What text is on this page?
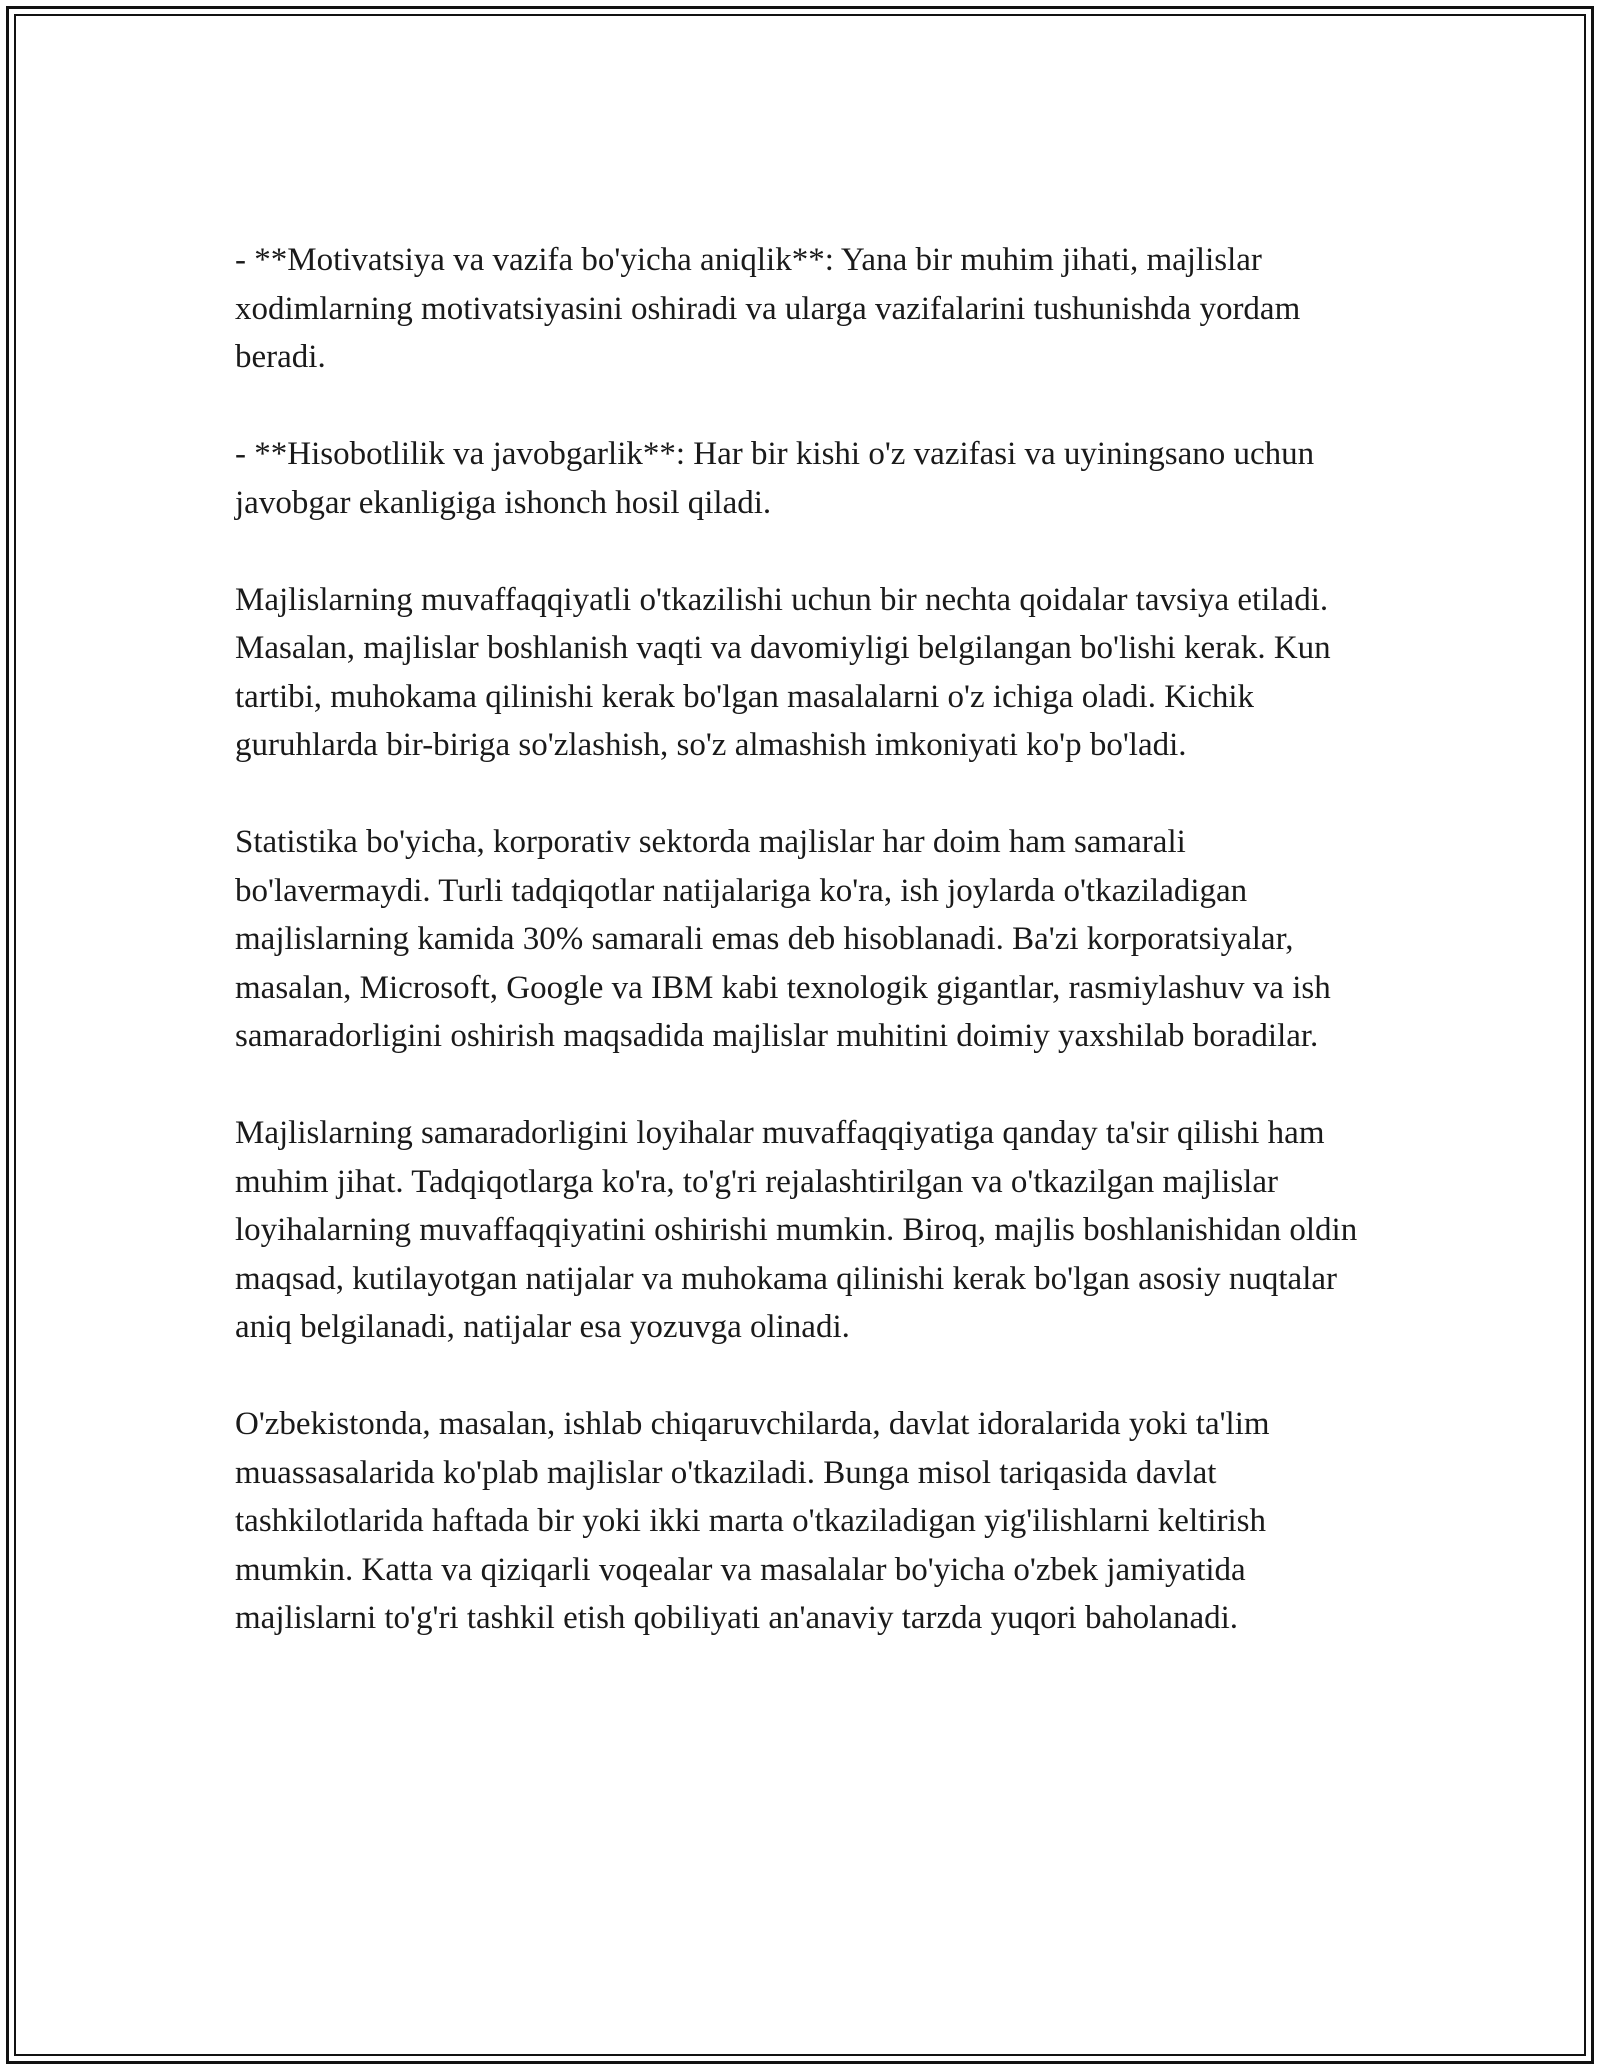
- **Motivatsiya va vazifa bo'yicha aniqlik**: Yana bir muhim jihati, majlislar xodimlarning motivatsiyasini oshiradi va ularga vazifalarini tushunishda yordam beradi.

- **Hisobotlilik va javobgarlik**: Har bir kishi o'z vazifasi va uyiningsano uchun javobgar ekanligiga ishonch hosil qiladi.

Majlislarning muvaffaqqiyatli o'tkazilishi uchun bir nechta qoidalar tavsiya etiladi. Masalan, majlislar boshlanish vaqti va davomiyligi belgilangan bo'lishi kerak. Kun tartibi, muhokama qilinishi kerak bo'lgan masalalarni o'z ichiga oladi. Kichik guruhlarda bir-biriga so'zlashish, so'z almashish imkoniyati ko'p bo'ladi.

Statistika bo'yicha, korporativ sektorda majlislar har doim ham samarali bo'lavermaydi. Turli tadqiqotlar natijalariga ko'ra, ish joylarda o'tkaziladigan majlislarning kamida 30% samarali emas deb hisoblanadi. Ba'zi korporatsiyalar, masalan, Microsoft, Google va IBM kabi texnologik gigantlar, rasmiylashuv va ish samaradorligini oshirish maqsadida majlislar muhitini doimiy yaxshilab boradilar.

Majlislarning samaradorligini loyihalar muvaffaqqiyatiga qanday ta'sir qilishi ham muhim jihat. Tadqiqotlarga ko'ra, to'g'ri rejalashtirilgan va o'tkazilgan majlislar loyihalarning muvaffaqqiyatini oshirishi mumkin. Biroq, majlis boshlanishidan oldin maqsad, kutilayotgan natijalar va muhokama qilinishi kerak bo'lgan asosiy nuqtalar aniq belgilanadi, natijalar esa yozuvga olinadi.

O'zbekistonda, masalan, ishlab chiqaruvchilarda, davlat idoralarida yoki ta'lim muassasalarida ko'plab majlislar o'tkaziladi. Bunga misol tariqasida davlat tashkilotlarida haftada bir yoki ikki marta o'tkaziladigan yig'ilishlarni keltirish mumkin. Katta va qiziqarli voqealar va masalalar bo'yicha o'zbek jamiyatida majlislarni to'g'ri tashkil etish qobiliyati an'anaviy tarzda yuqori baholanadi.
